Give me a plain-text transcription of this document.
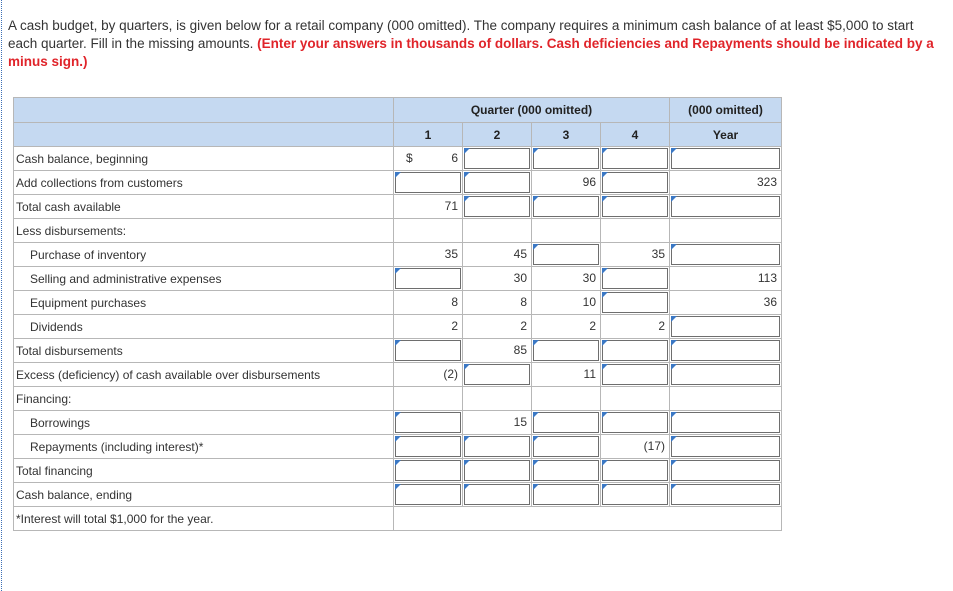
A cash budget, by quarters, is given below for a retail company (000 omitted). The company requires a minimum cash balance of at least $5,000 to start each quarter. Fill in the missing amounts. (Enter your answers in thousands of dollars. Cash deficiencies and Repayments should be indicated by a minus sign.)
	Quarter (000 omitted)				(000 omitted)
	1	2	3	4	Year
Cash balance, beginning	$ 6

Add collections from customers			96		323

Total cash available	71

Less disbursements:					
Purchase of inventory	35	45		35

Selling and administrative expenses		30	30		113

Equipment purchases	8	8	10		36

Dividends	2	2	2	2

Total disbursements		85

Excess (deficiency) of cash available over disbursements	(2)		11

Financing:					
Borrowings		15

Repayments (including interest)*				(17)

Total financing	

Cash balance, ending	

*Interest will total $1,000 for the year.					
